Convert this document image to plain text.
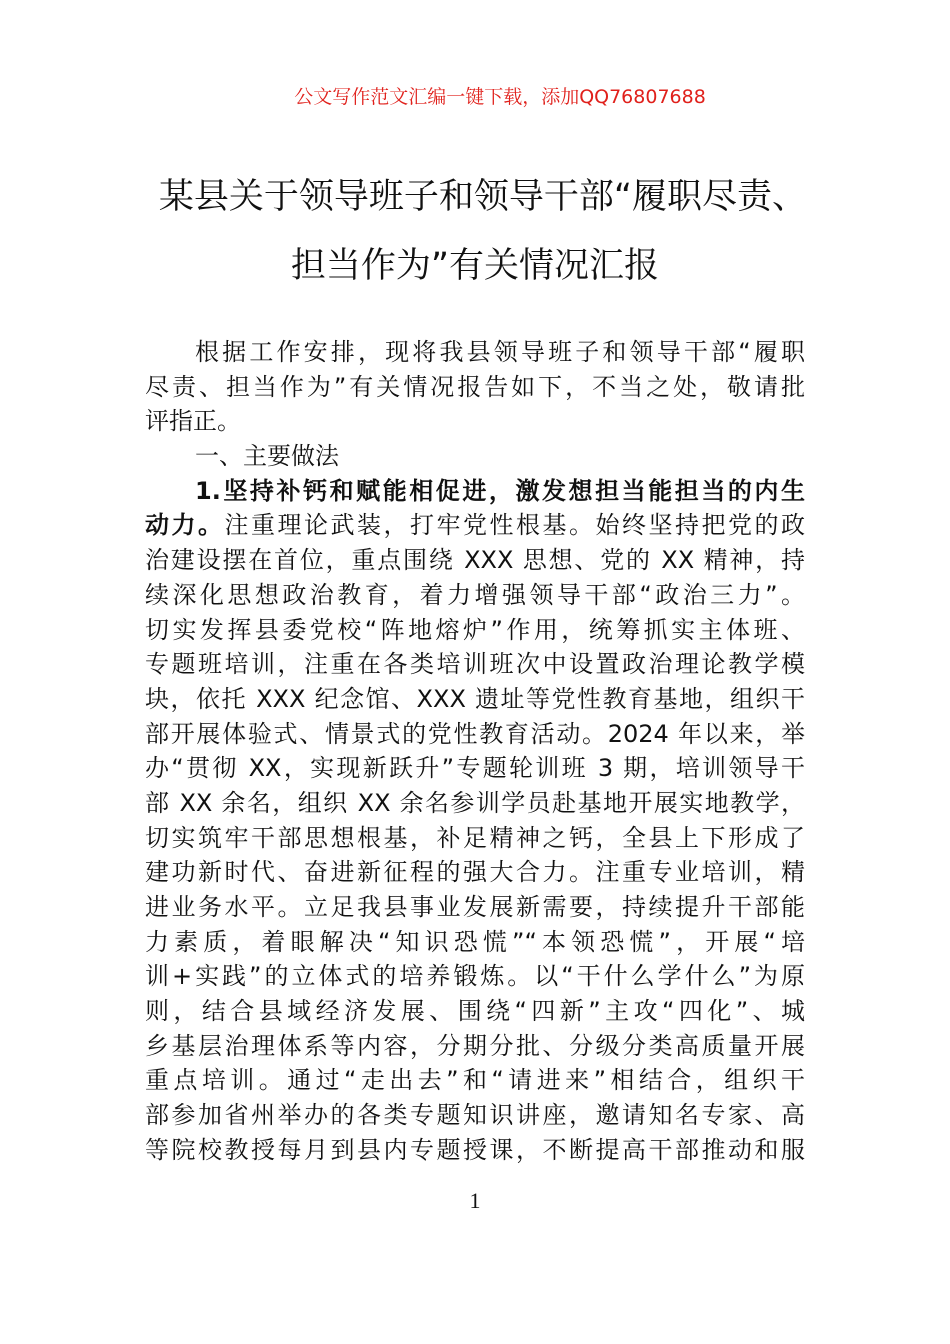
公文写作范文汇编一键下载，添加QQ76807688
某县关于领导班子和领导干部“履职尽责、
担当作为”有关情况汇报
根据工作安排，现将我县领导班子和领导干部“履职
尽责、担当作为”有关情况报告如下，不当之处，敬请批
评指正。
一、主要做法
1.坚持补钙和赋能相促进，激发想担当能担当的内生
动力。注重理论武装，打牢党性根基。始终坚持把党的政
治建设摆在首位，重点围绕 XXX 思想、党的 XX 精神，持
续深化思想政治教育，着力增强领导干部“政治三力”。
切实发挥县委党校“阵地熔炉”作用，统筹抓实主体班、
专题班培训，注重在各类培训班次中设置政治理论教学模
块，依托 XXX 纪念馆、XXX 遗址等党性教育基地，组织干
部开展体验式、情景式的党性教育活动。2024 年以来，举
办“贯彻 XX，实现新跃升”专题轮训班 3 期，培训领导干
部 XX 余名，组织 XX 余名参训学员赴基地开展实地教学，
切实筑牢干部思想根基，补足精神之钙，全县上下形成了
建功新时代、奋进新征程的强大合力。注重专业培训，精
进业务水平。立足我县事业发展新需要，持续提升干部能
力素质，着眼解决“知识恐慌”“本领恐慌”，开展“培
训+实践”的立体式的培养锻炼。以“干什么学什么”为原
则，结合县域经济发展、围绕“四新”主攻“四化”、城
乡基层治理体系等内容，分期分批、分级分类高质量开展
重点培训。通过“走出去”和“请进来”相结合，组织干
部参加省州举办的各类专题知识讲座，邀请知名专家、高
等院校教授每月到县内专题授课，不断提高干部推动和服
1
